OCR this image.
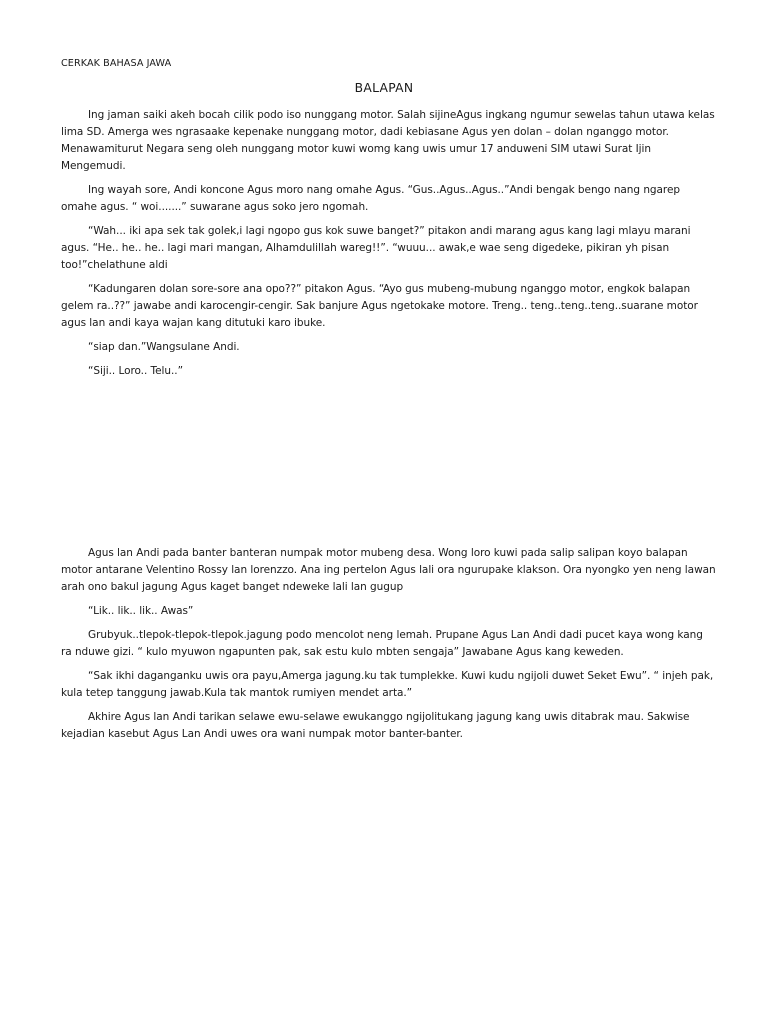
CERKAK BAHASA JAWA

BALAPAN

Ing jaman saiki akeh bocah cilik podo iso nunggang motor. Salah sijineAgus ingkang ngumur sewelas tahun utawa kelas lima SD. Amerga wes ngrasaake kepenake nunggang motor, dadi kebiasane Agus yen dolan – dolan nganggo motor. Menawamiturut Negara seng oleh nunggang motor kuwi womg kang uwis umur 17 anduweni SIM utawi Surat Ijin Mengemudi.

Ing wayah sore, Andi koncone Agus moro nang omahe Agus. “Gus..Agus..Agus..”Andi bengak bengo nang ngarep omahe agus. “ woi.......” suwarane agus soko jero ngomah.

“Wah... iki apa sek tak golek,i lagi ngopo gus kok suwe banget?” pitakon andi marang agus kang lagi mlayu marani agus. “He.. he.. he.. lagi mari mangan, Alhamdulillah wareg!!”. “wuuu... awak,e wae seng digedeke, pikiran yh pisan too!”chelathune aldi

“Kadungaren dolan sore-sore ana opo??” pitakon Agus. “Ayo gus mubeng-mubung nganggo motor, engkok balapan gelem ra..??” jawabe andi karocengir-cengir. Sak banjure Agus ngetokake motore. Treng.. teng..teng..teng..suarane motor agus lan andi kaya wajan kang ditutuki karo ibuke.

“siap dan.”Wangsulane Andi.

“Siji.. Loro.. Telu..”

Agus lan Andi pada banter banteran numpak motor mubeng desa. Wong loro kuwi pada salip salipan koyo balapan motor antarane Velentino Rossy lan lorenzzo. Ana ing pertelon Agus lali ora ngurupake klakson. Ora nyongko yen neng lawan arah ono bakul jagung Agus kaget banget ndeweke lali lan gugup

“Lik.. lik.. lik.. Awas”

Grubyuk..tlepok-tlepok-tlepok.jagung podo mencolot neng lemah. Prupane Agus Lan Andi dadi pucet kaya wong kang ra nduwe gizi. “ kulo myuwon ngapunten pak, sak estu kulo mbten sengaja” Jawabane Agus kang keweden.

“Sak ikhi daganganku uwis ora payu,Amerga jagung.ku tak tumplekke. Kuwi kudu ngijoli duwet Seket Ewu”. “ injeh pak, kula tetep tanggung jawab.Kula tak mantok rumiyen mendet arta.”

Akhire Agus lan Andi tarikan selawe ewu-selawe ewukanggo ngijolitukang jagung kang uwis ditabrak mau. Sakwise kejadian kasebut Agus Lan Andi uwes ora wani numpak motor banter-banter.
